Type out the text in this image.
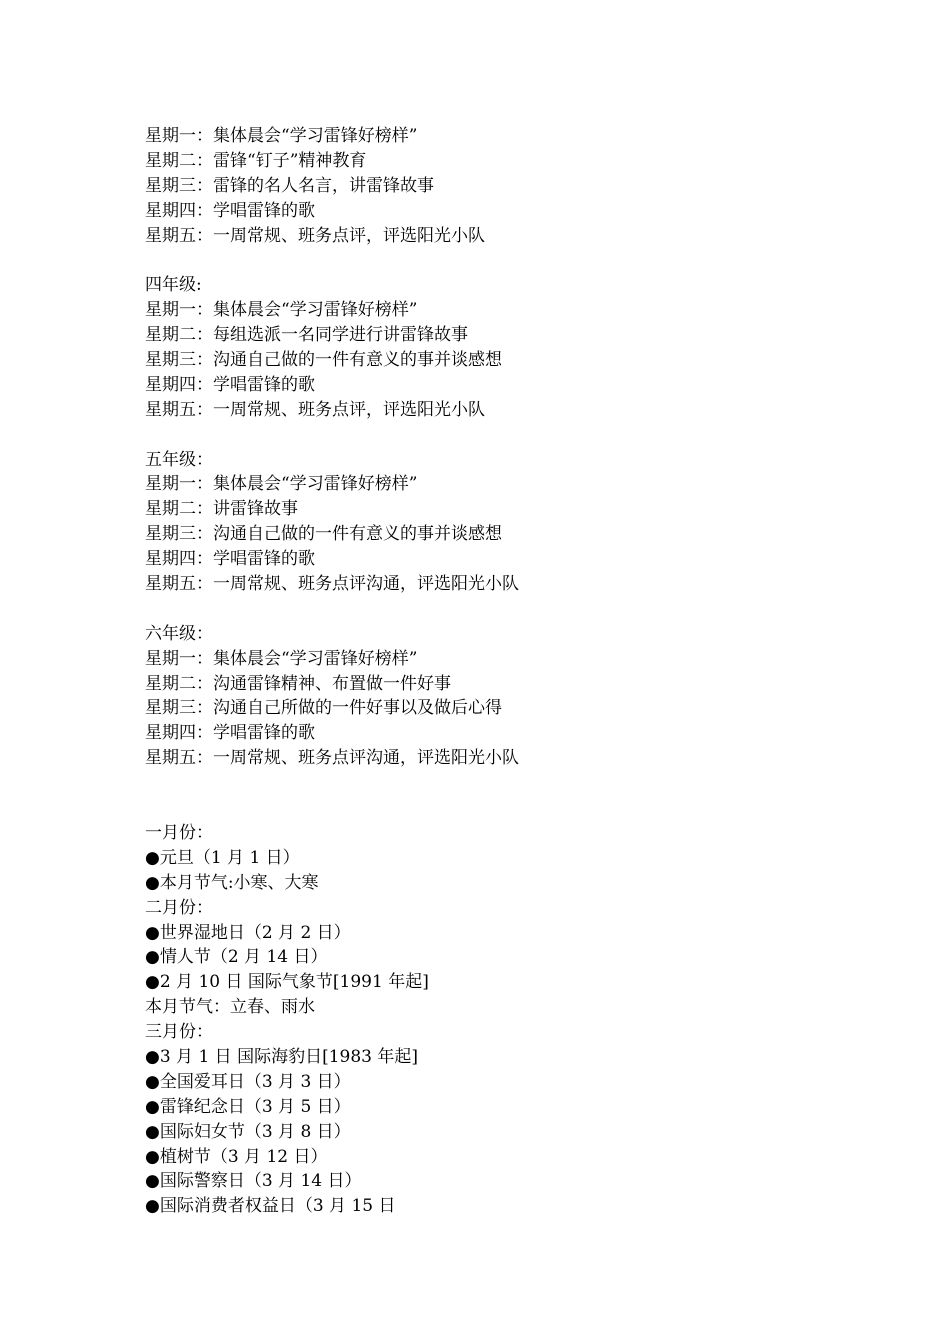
星期一：集体晨会“学习雷锋好榜样”
星期二：雷锋“钉子”精神教育
星期三：雷锋的名人名言，讲雷锋故事
星期四：学唱雷锋的歌
星期五：一周常规、班务点评，评选阳光小队
四年级:
星期一：集体晨会“学习雷锋好榜样”
星期二：每组选派一名同学进行讲雷锋故事
星期三：沟通自己做的一件有意义的事并谈感想
星期四：学唱雷锋的歌
星期五：一周常规、班务点评，评选阳光小队
五年级：
星期一：集体晨会“学习雷锋好榜样”
星期二：讲雷锋故事
星期三：沟通自己做的一件有意义的事并谈感想
星期四：学唱雷锋的歌
星期五：一周常规、班务点评沟通，评选阳光小队
六年级：
星期一：集体晨会“学习雷锋好榜样”
星期二：沟通雷锋精神、布置做一件好事
星期三：沟通自己所做的一件好事以及做后心得
星期四：学唱雷锋的歌
星期五：一周常规、班务点评沟通，评选阳光小队
一月份：
●元旦（1 月 1 日）
●本月节气:小寒、大寒
二月份：
●世界湿地日（2 月 2 日）
●情人节（2 月 14 日）
●2 月 10 日 国际气象节[1991 年起]
本月节气：立春、雨水
三月份：
●3 月 1 日 国际海豹日[1983 年起]
●全国爱耳日（3 月 3 日）
●雷锋纪念日（3 月 5 日）
●国际妇女节（3 月 8 日）
●植树节（3 月 12 日）
●国际警察日（3 月 14 日）
●国际消费者权益日（3 月 15 日
